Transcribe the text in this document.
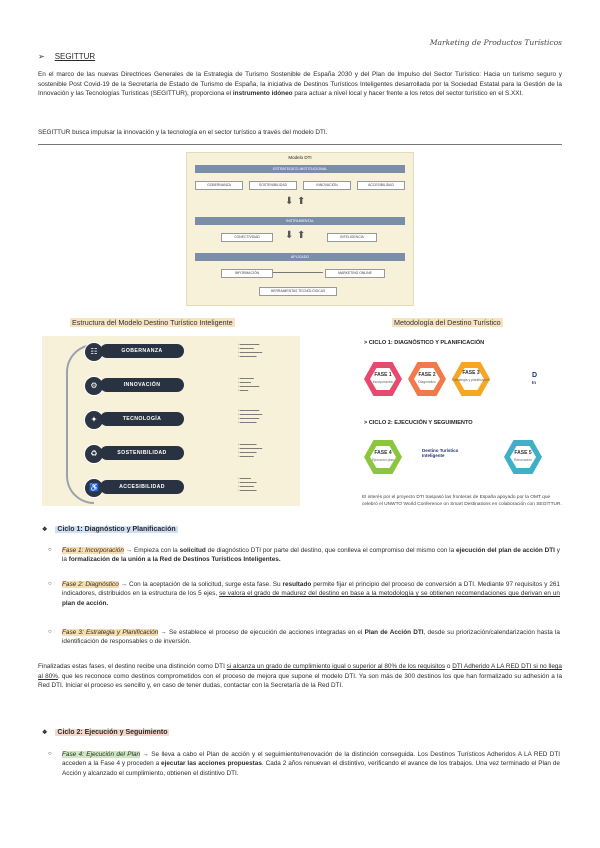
Marketing de Productos Turísticos
➢ SEGITTUR
En el marco de las nuevas Directrices Generales de la Estrategia de Turismo Sostenible de España 2030 y del Plan de Impulso del Sector Turístico: Hacia un turismo seguro y sostenible Post Covid-19 de la Secretaría de Estado de Turismo de España, la iniciativa de Destinos Turísticos Inteligentes desarrollada por la Sociedad Estatal para la Gestión de la Innovación y las Tecnologías Turísticas (SEGITTUR), proporciona el instrumento idóneo para actuar a nivel local y hacer frente a los retos del sector turístico en el S.XXI.
SEGITTUR busca impulsar la innovación y la tecnología en el sector turístico a través del modelo DTI.
Modelo DTI
ESTRATEGICO-INSTITUCIONAL
GOBERNANZA	SOSTENIBILIDAD	INNOVACIÓN	ACCESIBILIDAD
⬇ ⬆
INSTRUMENTAL
CONECTIVIDAD	⬇ ⬆	INTELIGENCIA
APLICADO
INFORMACIÓN	MARKETING ONLINE
HERRAMIENTAS TECNOLÓGICAS
Estructura del Modelo Destino Turístico Inteligente	Metodología del Destino Turístico
☷	GOBERNANZA
• ▬▬▬▬▬▬▬
• ▬▬▬▬▬
• ▬▬▬▬▬▬▬▬
• ▬▬▬▬▬▬
⚙	INNOVACIÓN
• ▬▬▬▬▬
• ▬▬▬▬
• ▬▬▬▬▬▬▬
• ▬▬▬
✦	TECNOLOGÍA
• ▬▬▬▬▬▬▬
• ▬▬▬▬▬▬▬▬
• ▬▬▬▬▬▬▬
• ▬▬▬▬▬▬
♻	SOSTENIBILIDAD
• ▬▬▬▬▬▬
• ▬▬▬▬▬▬▬▬
• ▬▬▬▬▬▬
• ▬▬▬▬▬
♿	ACCESIBILIDAD
• ▬▬▬▬
• ▬▬▬▬▬▬
• ▬▬▬▬▬
• ▬▬▬▬▬▬
> CICLO 1: DIAGNÓSTICO Y PLANIFICACIÓN
FASE 1
Incorporación
FASE 2
Diagnóstico
FASE 3
Estrategia y planificación
D
In
> CICLO 2: EJECUCIÓN Y SEGUIMIENTO
FASE 4
Ejecución plan
Destino Turístico
Inteligente	FASE 5
Renovación
El interés por el proyecto DTI traspasó las fronteras de España apoyado por la OMT que celebró el UNWTO World Conference on Smart Destinations en colaboración con SEGITTUR.
❖ Ciclo 1: Diagnóstico y Planificación
○ Fase 1: Incorporación → Empieza con la solicitud de diagnóstico DTI por parte del destino, que conlleva el compromiso del mismo con la ejecución del plan de acción DTI y la formalización de la unión a la Red de Destinos Turísticos Inteligentes.
○ Fase 2: Diagnóstico → Con la aceptación de la solicitud, surge esta fase. Su resultado permite fijar el principio del proceso de conversión a DTI. Mediante 97 requisitos y 261 indicadores, distribuidos en la estructura de los 5 ejes, se valora el grado de madurez del destino en base a la metodología y se obtienen recomendaciones que derivan en un plan de acción.
○ Fase 3: Estrategia y Planificación → Se establece el proceso de ejecución de acciones integradas en el Plan de Acción DTI, desde su priorización/calendarización hasta la identificación de responsables o de inversión.
Finalizadas estas fases, el destino recibe una distinción como DTI si alcanza un grado de cumplimiento igual o superior al 80% de los requisitos o DTI Adherido A LA RED DTI si no llega al 80%, que les reconoce como destinos comprometidos con el proceso de mejora que supone el modelo DTI. Ya son más de 300 destinos los que han formalizado su adhesión a la Red DTI. Iniciar el proceso es sencillo y, en caso de tener dudas, contactar con la Secretaría de la Red DTI.
❖ Ciclo 2: Ejecución y Seguimiento
○ Fase 4: Ejecución del Plan → Se lleva a cabo el Plan de acción y el seguimiento/renovación de la distinción conseguida. Los Destinos Turísticos Adheridos A LA RED DTI acceden a la Fase 4 y proceden a ejecutar las acciones propuestas. Cada 2 años renuevan el distintivo, verificando el avance de los trabajos. Una vez terminado el Plan de Acción y alcanzado el cumplimiento, obtienen el distintivo DTI.
